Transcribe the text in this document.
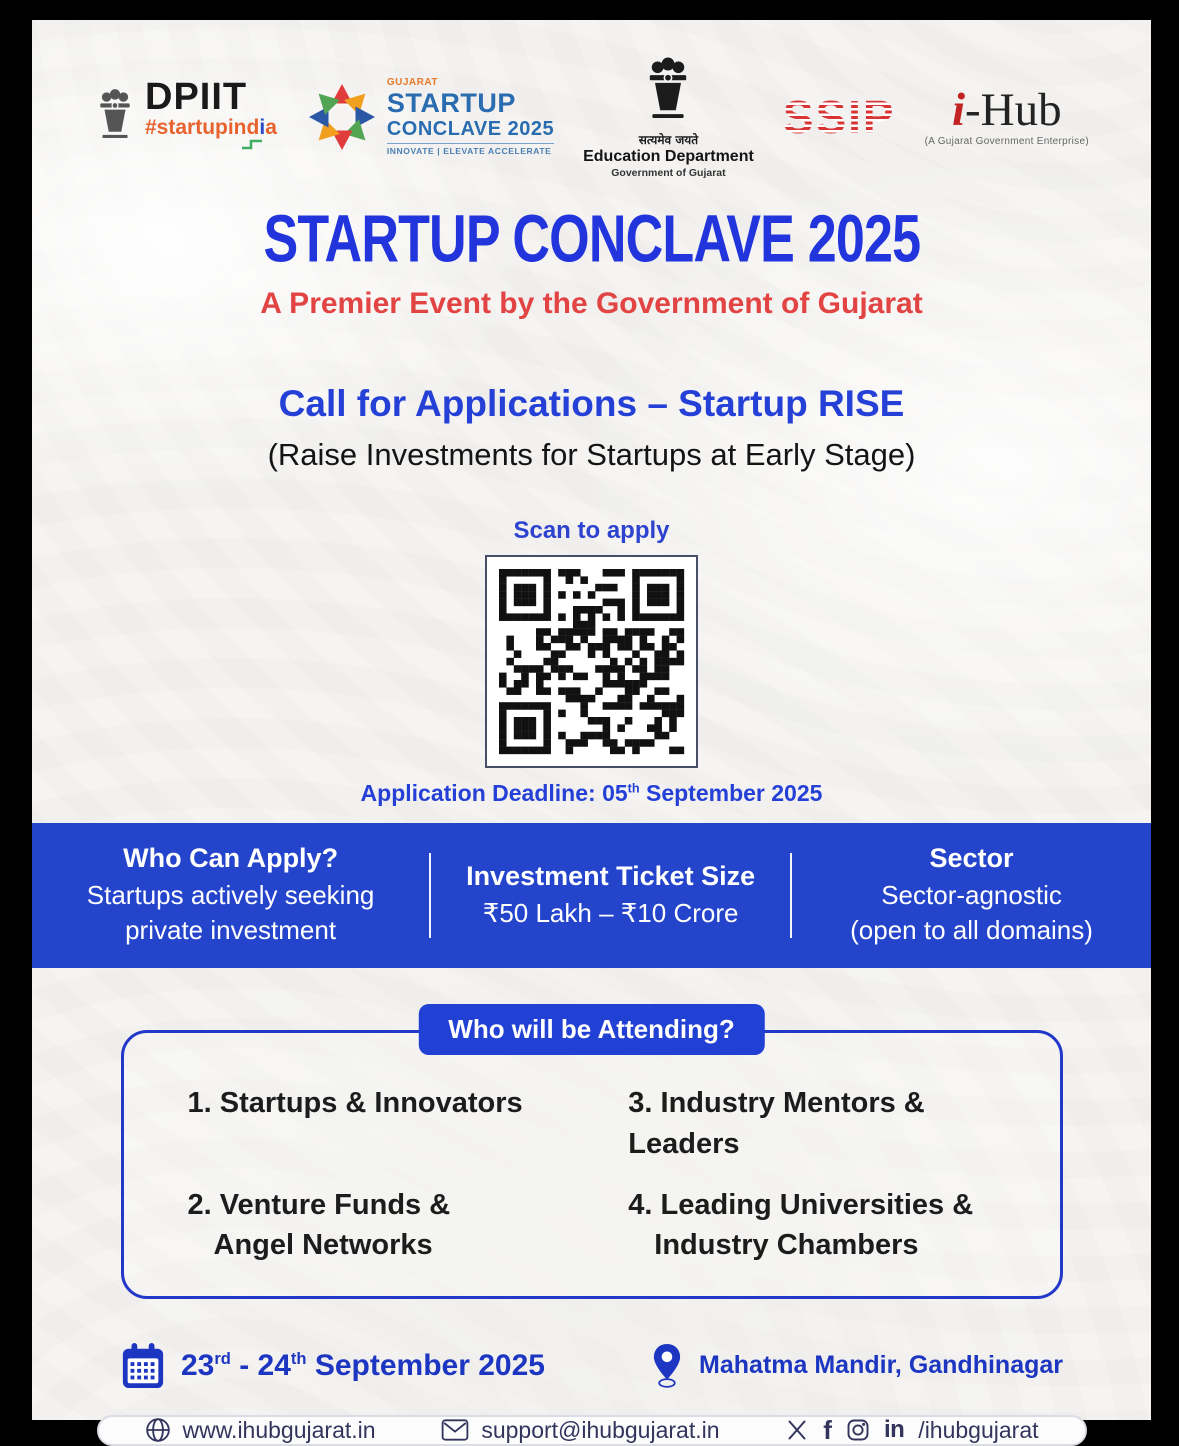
DPIIT
#startupindia
GUJARAT
STARTUP
CONCLAVE 2025
INNOVATE | ELEVATE ACCELERATE
सत्यमेव जयते
Education Department
Government of Gujarat
SSIP i-Hub
(A Gujarat Government Enterprise)
STARTUP CONCLAVE 2025
A Premier Event by the Government of Gujarat
Call for Applications – Startup RISE
(Raise Investments for Startups at Early Stage)
Scan to apply
Application Deadline: 05th September 2025
Who Can Apply?
Startups actively seeking
private investment
Investment Ticket Size
₹50 Lakh – ₹10 Crore
Sector
Sector-agnostic
(open to all domains)
Who will be Attending?
1. Startups & Innovators
2. Venture Funds &
Angel Networks
3. Industry Mentors & Leaders
4. Leading Universities &
Industry Chambers
23rd - 24th September 2025	Mahatma Mandir, Gandhinagar
www.ihubgujarat.in	support@ihubgujarat.in	f in /ihubgujarat
